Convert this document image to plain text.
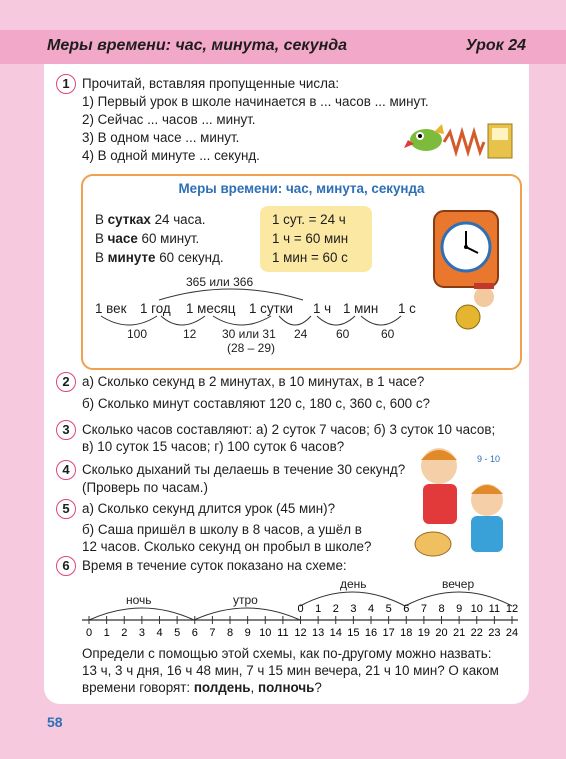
Меры времени: час, минута, секунда	Урок 24
1 Прочитай, вставляя пропущенные числа:
1) Первый урок в школе начинается в ... часов ... минут.
2) Сейчас ... часов ... минут.
3) В одном часе ... минут.
4) В одной минуте ... секунд.
Меры времени: час, минута, секунда
В сутках 24 часа.
В часе 60 минут.
В минуте 60 секунд.
1 сут. = 24 ч
1 ч = 60 мин
1 мин = 60 с
365 или 366
1 век 1 год 1 месяц 1 сутки 1 ч 1 мин 1 с
100	12 30 или 31 24 60	60
(28 – 29)
2 а) Сколько секунд в 2 минутах, в 10 минутах, в 1 часе?
б) Сколько минут составляют 120 с, 180 с, 360 с, 600 с?
3 Сколько часов составляют: а) 2 суток 7 часов; б) 3 суток 10 часов;
в) 10 суток 15 часов; г) 100 суток 6 часов?
4 Сколько дыханий ты делаешь в течение 30 секунд?
(Проверь по часам.)
5 а) Сколько секунд длится урок (45 мин)?
б) Саша пришёл в школу в 8 часов, а ушёл в
12 часов. Сколько секунд он пробыл в школе?
9 - 10
6 Время в течение суток показано на схеме:
0 1 2 3 4 5 6 7 8 9 10 11 12 13 14 15 16 17 18 19 20 21 22 23 24
0 1 2 3 4 5 6 7 8 9 10 11 12
ночь	утро
день	вечер
Определи с помощью этой схемы, как по-другому можно назвать:
13 ч, 3 ч дня, 16 ч 48 мин, 7 ч 15 мин вечера, 21 ч 10 мин? О каком
времени говорят: полдень, полночь?
58
